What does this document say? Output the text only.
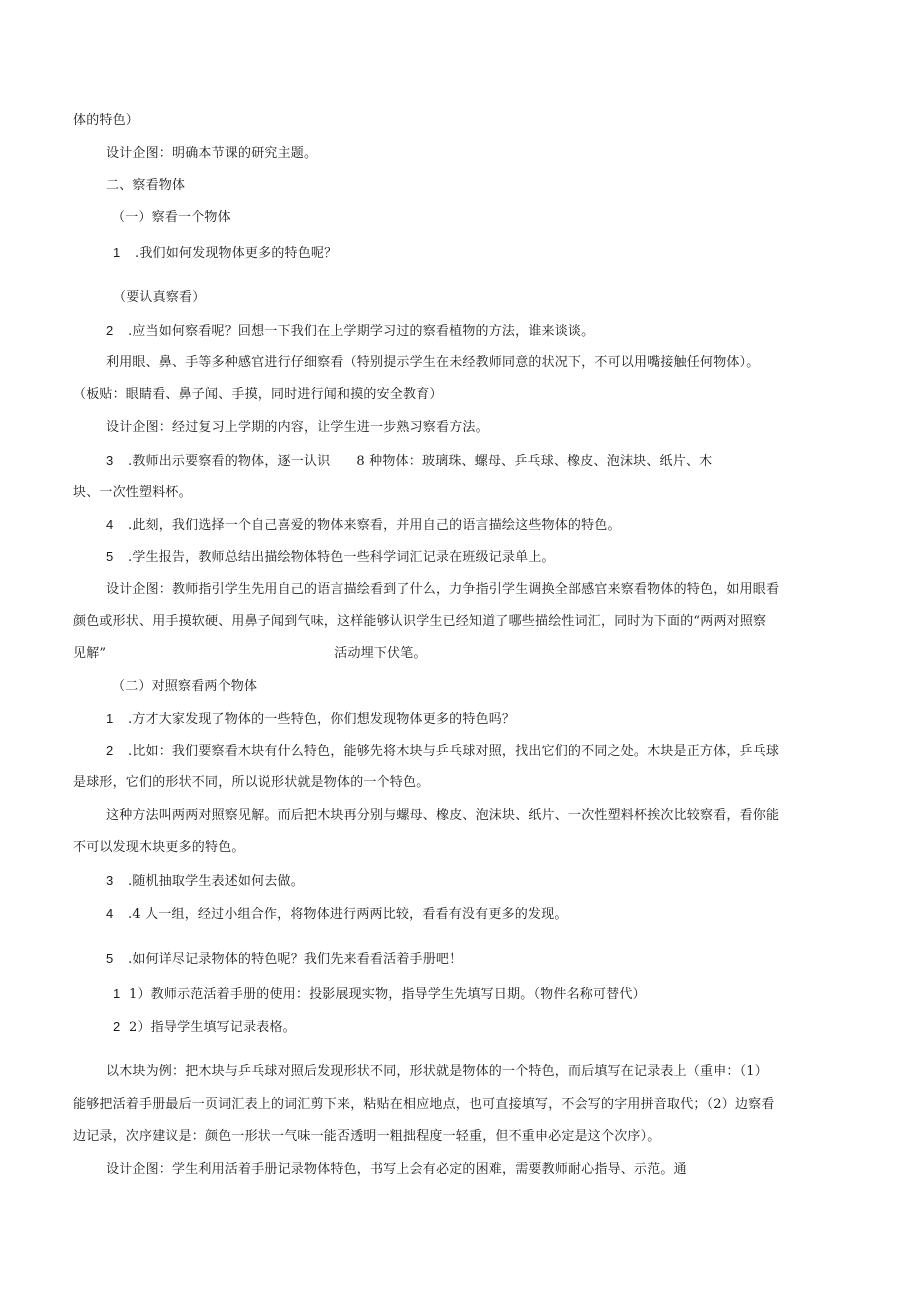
体的特色）
设计企图：明确本节课的研究主题。
二、察看物体
（一）察看一个物体
1 .我们如何发现物体更多的特色呢？
（要认真察看）
2 .应当如何察看呢？回想一下我们在上学期学习过的察看植物的方法，谁来谈谈。
利用眼、鼻、手等多种感官进行仔细察看（特别提示学生在未经教师同意的状况下，不可以用嘴接触任何物体）。
（板贴：眼睛看、鼻子闻、手摸，同时进行闻和摸的安全教育）
设计企图：经过复习上学期的内容，让学生进一步熟习察看方法。
3 .教师出示要察看的物体，逐一认识 8 种物体：玻璃珠、螺母、乒乓球、橡皮、泡沫块、纸片、木
块、一次性塑料杯。
4 .此刻，我们选择一个自己喜爱的物体来察看，并用自己的语言描绘这些物体的特色。
5 .学生报告，教师总结出描绘物体特色一些科学词汇记录在班级记录单上。
设计企图：教师指引学生先用自己的语言描绘看到了什么，力争指引学生调换全部感官来察看物体的特色，如用眼看
颜色或形状、用手摸软硬、用鼻子闻到气味，这样能够认识学生已经知道了哪些描绘性词汇，同时为下面的“两两对照察
见解”	活动埋下伏笔。
（二）对照察看两个物体
1 .方才大家发现了物体的一些特色，你们想发现物体更多的特色吗？
2 .比如：我们要察看木块有什么特色，能够先将木块与乒乓球对照，找出它们的不同之处。木块是正方体，乒乓球
是球形，它们的形状不同，所以说形状就是物体的一个特色。
这种方法叫两两对照察见解。而后把木块再分别与螺母、橡皮、泡沫块、纸片、一次性塑料杯挨次比较察看，看你能
不可以发现木块更多的特色。
3 .随机抽取学生表述如何去做。
4 .4 人一组，经过小组合作，将物体进行两两比较，看看有没有更多的发现。
5 .如何详尽记录物体的特色呢？我们先来看看活着手册吧！
1 1）教师示范活着手册的使用：投影展现实物，指导学生先填写日期。（物件名称可替代）
2 2）指导学生填写记录表格。
以木块为例：把木块与乒乓球对照后发现形状不同，形状就是物体的一个特色，而后填写在记录表上（重申：（1）
能够把活着手册最后一页词汇表上的词汇剪下来，粘贴在相应地点，也可直接填写，不会写的字用拼音取代；（2）边察看
边记录，次序建议是：颜色一形状一气味一能否透明一粗拙程度一轻重，但不重申必定是这个次序）。
设计企图：学生利用活着手册记录物体特色，书写上会有必定的困难，需要教师耐心指导、示范。通
